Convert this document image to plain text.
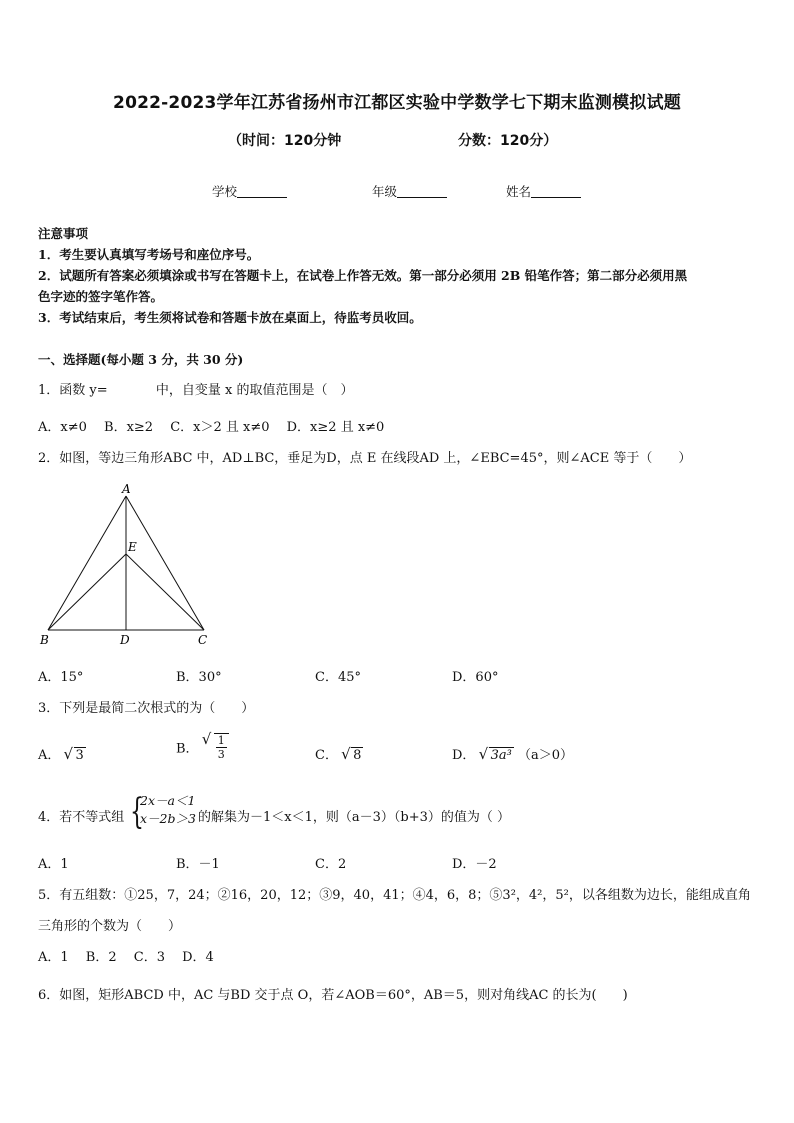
2022-2023学年江苏省扬州市江都区实验中学数学七下期末监测模拟试题
（时间：120分钟	分数：120分）
学校	年级	姓名
注意事项
1．考生要认真填写考场号和座位序号。
2．试题所有答案必须填涂或书写在答题卡上，在试卷上作答无效。第一部分必须用 2B 铅笔作答；第二部分必须用黑
色字迹的签字笔作答。
3．考试结束后，考生须将试卷和答题卡放在桌面上，待监考员收回。
一、选择题(每小题 3 分，共 30 分)
1．函数 y=	中，自变量 x 的取值范围是（　）
A．x≠0　 B．x≥2　 C．x＞2 且 x≠0　 D．x≥2 且 x≠0
2．如图，等边三角形ABC 中，AD⊥BC，垂足为D，点 E 在线段AD 上，∠EBC=45°，则∠ACE 等于（　　）
A
E
B	D	C
A．15°	B．30°	C．45°	D．60°
3．下列是最简二次根式的为（　　）
A． √ 3	B． √ $\frac{1}{3}$	C． √ 8	D． √ 3a³ （a＞0）
4．若不等式组 {
2x－a＜1
x－2b＞3 的解集为－1＜x＜1，则（a－3）（b+3）的值为（ ）
A．1	B．－1	C．2	D．－2
5．有五组数：①25，7，24；②16，20，12；③9，40，41；④4，6，8；⑤3²，4²，5²，以各组数为边长，能组成直角
三角形的个数为（　　）
A．1　 B．2　 C．3　 D．4
6．如图，矩形ABCD 中，AC 与BD 交于点 O，若∠AOB＝60°，AB＝5，则对角线AC 的长为(　　)
